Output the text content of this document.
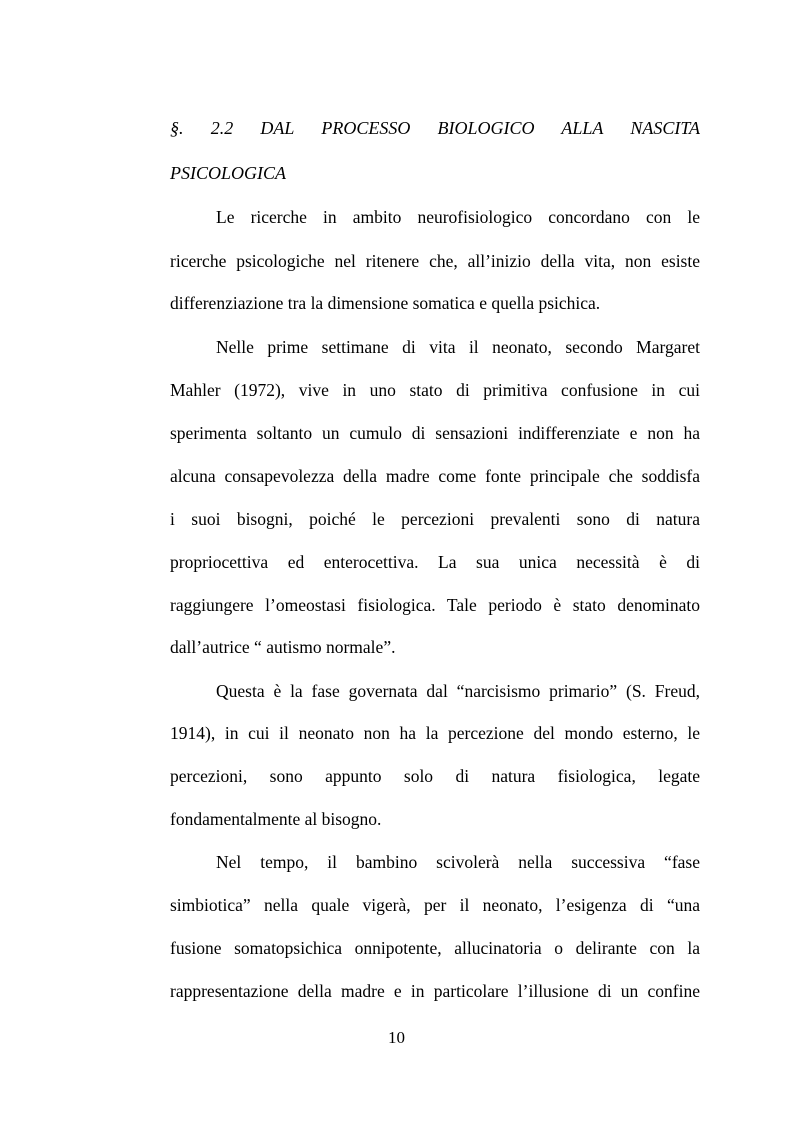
§. 2.2 DAL PROCESSO BIOLOGICO ALLA NASCITA
PSICOLOGICA
Le ricerche in ambito neurofisiologico concordano con le
ricerche psicologiche nel ritenere che, all’inizio della vita, non esiste
differenziazione tra la dimensione somatica e quella psichica.
Nelle prime settimane di vita il neonato, secondo Margaret
Mahler (1972), vive in uno stato di primitiva confusione in cui
sperimenta soltanto un cumulo di sensazioni indifferenziate e non ha
alcuna consapevolezza della madre come fonte principale che soddisfa
i suoi bisogni, poiché le percezioni prevalenti sono di natura
propriocettiva ed enterocettiva. La sua unica necessità è di
raggiungere l’omeostasi fisiologica. Tale periodo è stato denominato
dall’autrice “ autismo normale”.
Questa è la fase governata dal “narcisismo primario” (S. Freud,
1914), in cui il neonato non ha la percezione del mondo esterno, le
percezioni, sono appunto solo di natura fisiologica, legate
fondamentalmente al bisogno.
Nel tempo, il bambino scivolerà nella successiva “fase
simbiotica” nella quale vigerà, per il neonato, l’esigenza di “una
fusione somatopsichica onnipotente, allucinatoria o delirante con la
rappresentazione della madre e in particolare l’illusione di un confine
10
